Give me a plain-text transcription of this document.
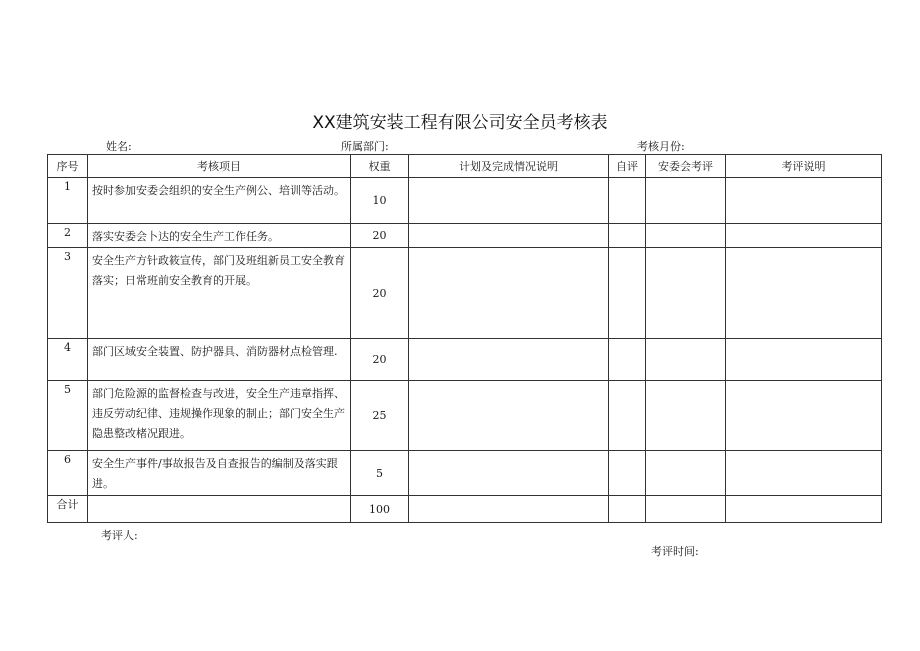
XX建筑安装工程有限公司安全员考核表
姓名:	所属部门:	考核月份:
序号	考核项目	权重	计划及完成情况说明	自评	安委会考评	考评说明
1	按时参加安委会组织的安全生产例公、培训等活动。	10				
2	落实安委会卜达的安全生产工作任务。	20				
3	安全生产方针政筱宣传，部门及班组新员工安全教育落实；日常班前安全教育的开展。	20				
4	部门区域安全装置、防护器具、消防器材点检管理.	20				
5	部门危险源的监督检查与改进，安全生产违章指挥、违反劳动纪律、违规操作现象的制止；部门安全生产隐患整改楮况跟进。	25				
6	安全生产事件/事故报告及自查报告的编制及落实跟进。	5				
合计		100				
考评人:
考评时间:
